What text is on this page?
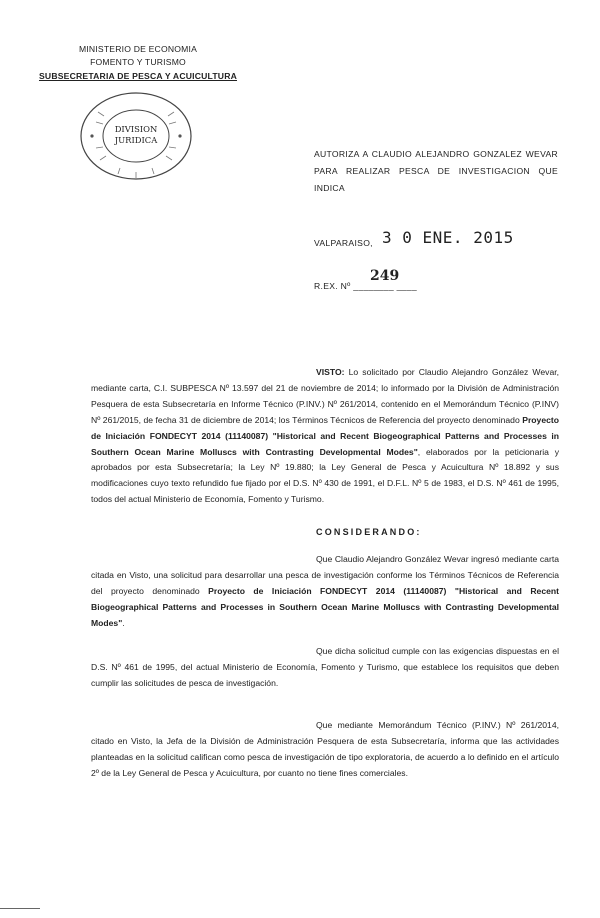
MINISTERIO DE ECONOMIA
FOMENTO Y TURISMO
SUBSECRETARIA DE PESCA Y ACUICULTURA
DIVISION
JURIDICA
AUTORIZA A CLAUDIO ALEJANDRO GONZALEZ WEVAR PARA REALIZAR PESCA DE INVESTIGACION QUE INDICA
VALPARAISO, 3 0 ENE. 2015
249
R.EX. Nº ________ ____
VISTO: Lo solicitado por Claudio Alejandro González Wevar, mediante carta, C.I. SUBPESCA Nº 13.597 del 21 de noviembre de 2014; lo informado por la División de Administración Pesquera de esta Subsecretaría en Informe Técnico (P.INV.) Nº 261/2014, contenido en el Memorándum Técnico (P.INV) Nº 261/2015, de fecha 31 de diciembre de 2014; los Términos Técnicos de Referencia del proyecto denominado Proyecto de Iniciación FONDECYT 2014 (11140087) "Historical and Recent Biogeographical Patterns and Processes in Southern Ocean Marine Molluscs with Contrasting Developmental Modes", elaborados por la peticionaria y aprobados por esta Subsecretaría; la Ley Nº 19.880; la Ley General de Pesca y Acuicultura Nº 18.892 y sus modificaciones cuyo texto refundido fue fijado por el D.S. Nº 430 de 1991, el D.F.L. Nº 5 de 1983, el D.S. Nº 461 de 1995, todos del actual Ministerio de Economía, Fomento y Turismo.
CONSIDERANDO:
Que Claudio Alejandro González Wevar ingresó mediante carta citada en Visto, una solicitud para desarrollar una pesca de investigación conforme los Términos Técnicos de Referencia del proyecto denominado Proyecto de Iniciación FONDECYT 2014 (11140087) "Historical and Recent Biogeographical Patterns and Processes in Southern Ocean Marine Molluscs with Contrasting Developmental Modes".
Que dicha solicitud cumple con las exigencias dispuestas en el D.S. Nº 461 de 1995, del actual Ministerio de Economía, Fomento y Turismo, que establece los requisitos que deben cumplir las solicitudes de pesca de investigación.
Que mediante Memorándum Técnico (P.INV.) Nº 261/2014, citado en Visto, la Jefa de la División de Administración Pesquera de esta Subsecretaría, informa que las actividades planteadas en la solicitud califican como pesca de investigación de tipo exploratoria, de acuerdo a lo definido en el artículo 2º de la Ley General de Pesca y Acuicultura, por cuanto no tiene fines comerciales.
